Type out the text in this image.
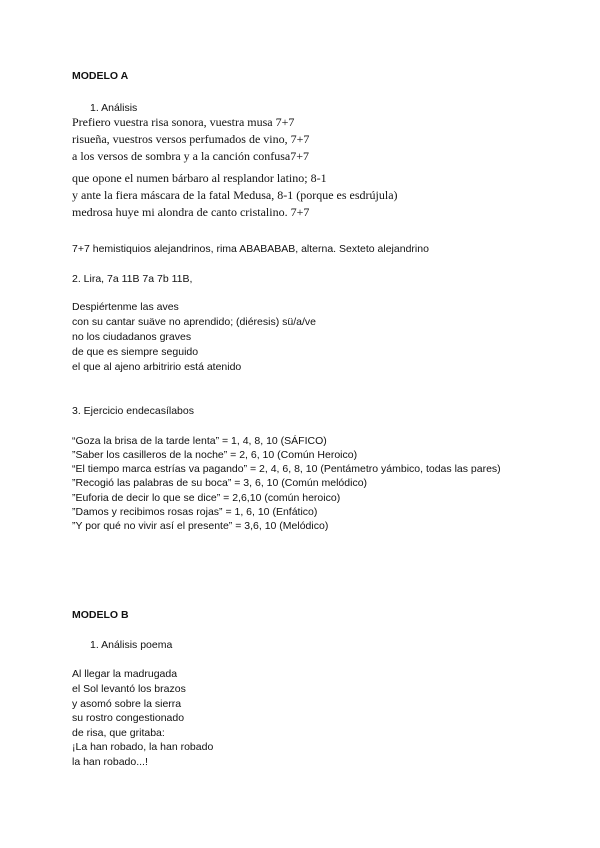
MODELO A
1. Análisis
Prefiero vuestra risa sonora, vuestra musa 7+7
risueña, vuestros versos perfumados de vino, 7+7
a los versos de sombra y a la canción confusa7+7
que opone el numen bárbaro al resplandor latino; 8-1
y ante la fiera máscara de la fatal Medusa, 8-1 (porque es esdrújula)
medrosa huye mi alondra de canto cristalino. 7+7
7+7 hemistiquios alejandrinos, rima ABABABAB, alterna. Sexteto alejandrino
2. Lira, 7a 11B 7a 7b 11B,
Despiértenme las aves
con su cantar suäve no aprendido; (diéresis) sü/a/ve
no los ciudadanos graves
de que es siempre seguido
el que al ajeno arbitririo está atenido
3. Ejercicio endecasílabos
“Goza la brisa de la tarde lenta” = 1, 4, 8, 10 (SÁFICO)
”Saber los casilleros de la noche” = 2, 6, 10 (Común Heroico)
“El tiempo marca estrías va pagando” = 2, 4, 6, 8, 10 (Pentámetro yámbico, todas las pares)
”Recogió las palabras de su boca” = 3, 6, 10 (Común melódico)
”Euforia de decir lo que se dice” = 2,6,10 (común heroico)
”Damos y recibimos rosas rojas” = 1, 6, 10 (Enfático)
”Y por qué no vivir así el presente” = 3,6, 10 (Melódico)
MODELO B
1. Análisis poema
Al llegar la madrugada
el Sol levantó los brazos
y asomó sobre la sierra
su rostro congestionado
de risa, que gritaba:
¡La han robado, la han robado
la han robado...!
